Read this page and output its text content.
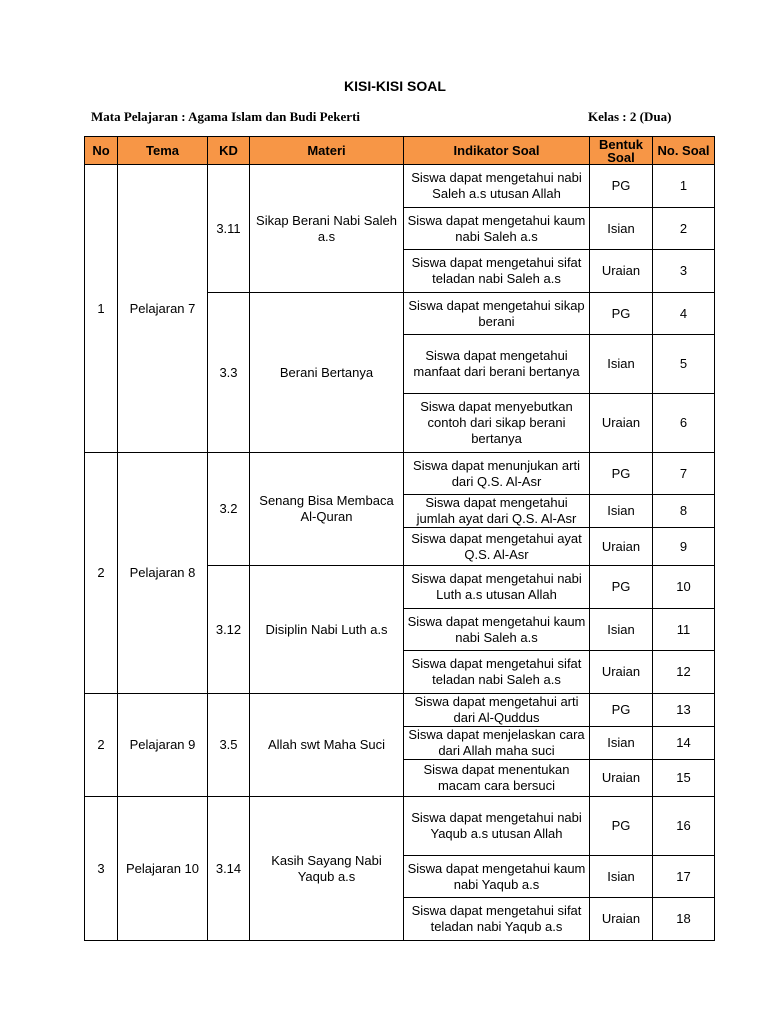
KISI-KISI SOAL
Mata Pelajaran : Agama Islam dan Budi Pekerti	Kelas : 2 (Dua)
No	Tema	KD	Materi	Indikator Soal	Bentuk Soal	No. Soal
1	Pelajaran 7	3.11	Sikap Berani Nabi Saleh a.s	Siswa dapat mengetahui nabi Saleh a.s utusan Allah	PG	1
				Siswa dapat mengetahui kaum nabi Saleh a.s	Isian	2
				Siswa dapat mengetahui sifat teladan nabi Saleh a.s	Uraian	3
		3.3	Berani Bertanya	Siswa dapat mengetahui sikap berani	PG	4
				Siswa dapat mengetahui manfaat dari berani bertanya	Isian	5
				Siswa dapat menyebutkan contoh dari sikap berani bertanya	Uraian	6
2	Pelajaran 8	3.2	Senang Bisa Membaca Al-Quran	Siswa dapat menunjukan arti dari Q.S. Al-Asr	PG	7
				Siswa dapat mengetahui jumlah ayat dari Q.S. Al-Asr	Isian	8
				Siswa dapat mengetahui ayat Q.S. Al-Asr	Uraian	9
		3.12	Disiplin Nabi Luth a.s	Siswa dapat mengetahui nabi Luth a.s utusan Allah	PG	10
				Siswa dapat mengetahui kaum nabi Saleh a.s	Isian	11
				Siswa dapat mengetahui sifat teladan nabi Saleh a.s	Uraian	12
2	Pelajaran 9	3.5	Allah swt Maha Suci	Siswa dapat mengetahui arti dari Al-Quddus	PG	13
				Siswa dapat menjelaskan cara dari Allah maha suci	Isian	14
				Siswa dapat menentukan macam cara bersuci	Uraian	15
3	Pelajaran 10	3.14	Kasih Sayang Nabi Yaqub a.s	Siswa dapat mengetahui nabi Yaqub a.s utusan Allah	PG	16
				Siswa dapat mengetahui kaum nabi Yaqub a.s	Isian	17
				Siswa dapat mengetahui sifat teladan nabi Yaqub a.s	Uraian	18
